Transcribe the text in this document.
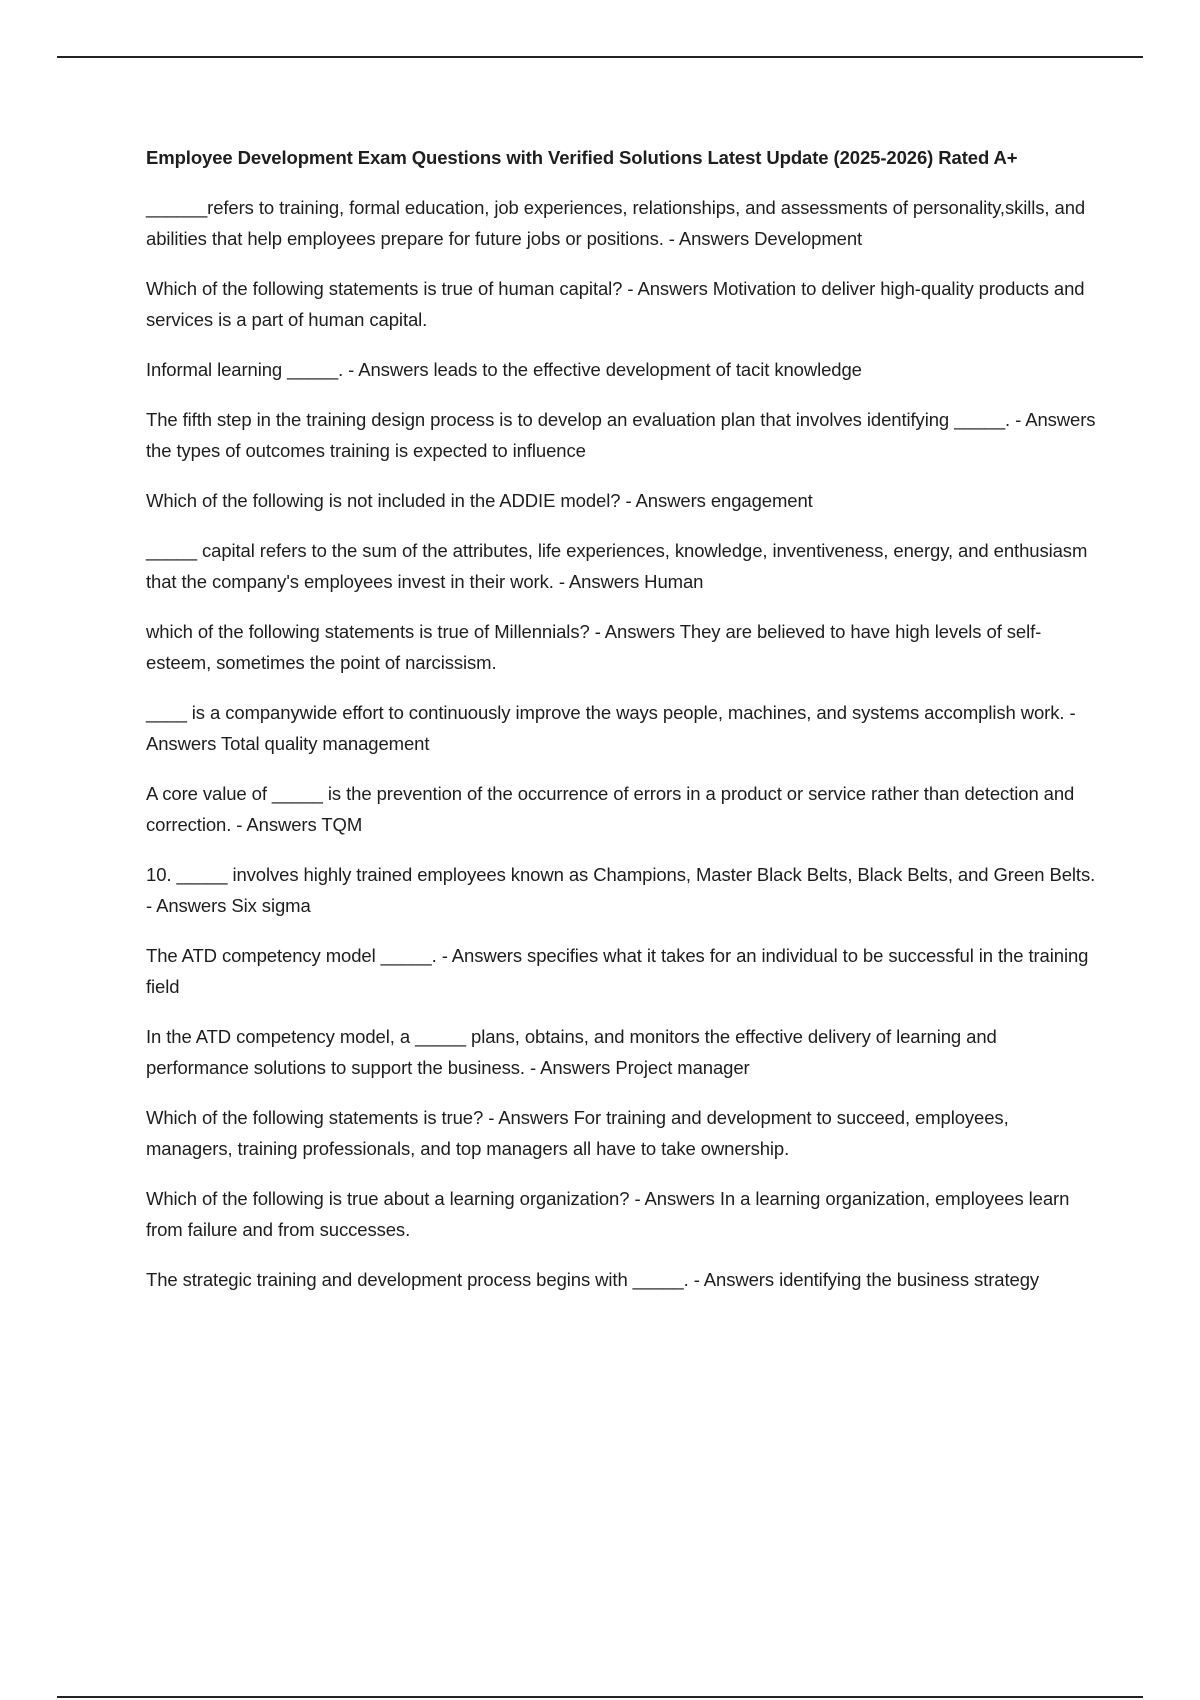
Employee Development Exam Questions with Verified Solutions Latest Update (2025-2026) Rated A+
______refers to training, formal education, job experiences, relationships, and assessments of personality,skills, and abilities that help employees prepare for future jobs or positions. - Answers Development
Which of the following statements is true of human capital? - Answers Motivation to deliver high-quality products and services is a part of human capital.
Informal learning _____. - Answers leads to the effective development of tacit knowledge
The fifth step in the training design process is to develop an evaluation plan that involves identifying _____. - Answers the types of outcomes training is expected to influence
Which of the following is not included in the ADDIE model? - Answers engagement
_____ capital refers to the sum of the attributes, life experiences, knowledge, inventiveness, energy, and enthusiasm that the company's employees invest in their work. - Answers Human
which of the following statements is true of Millennials? - Answers They are believed to have high levels of self-esteem, sometimes the point of narcissism.
____ is a companywide effort to continuously improve the ways people, machines, and systems accomplish work. - Answers Total quality management
A core value of _____ is the prevention of the occurrence of errors in a product or service rather than detection and correction. - Answers TQM
10. _____ involves highly trained employees known as Champions, Master Black Belts, Black Belts, and Green Belts. - Answers Six sigma
The ATD competency model _____. - Answers specifies what it takes for an individual to be successful in the training field
In the ATD competency model, a _____ plans, obtains, and monitors the effective delivery of learning and performance solutions to support the business. - Answers Project manager
Which of the following statements is true? - Answers For training and development to succeed, employees, managers, training professionals, and top managers all have to take ownership.
Which of the following is true about a learning organization? - Answers In a learning organization, employees learn from failure and from successes.
The strategic training and development process begins with _____. - Answers identifying the business strategy
